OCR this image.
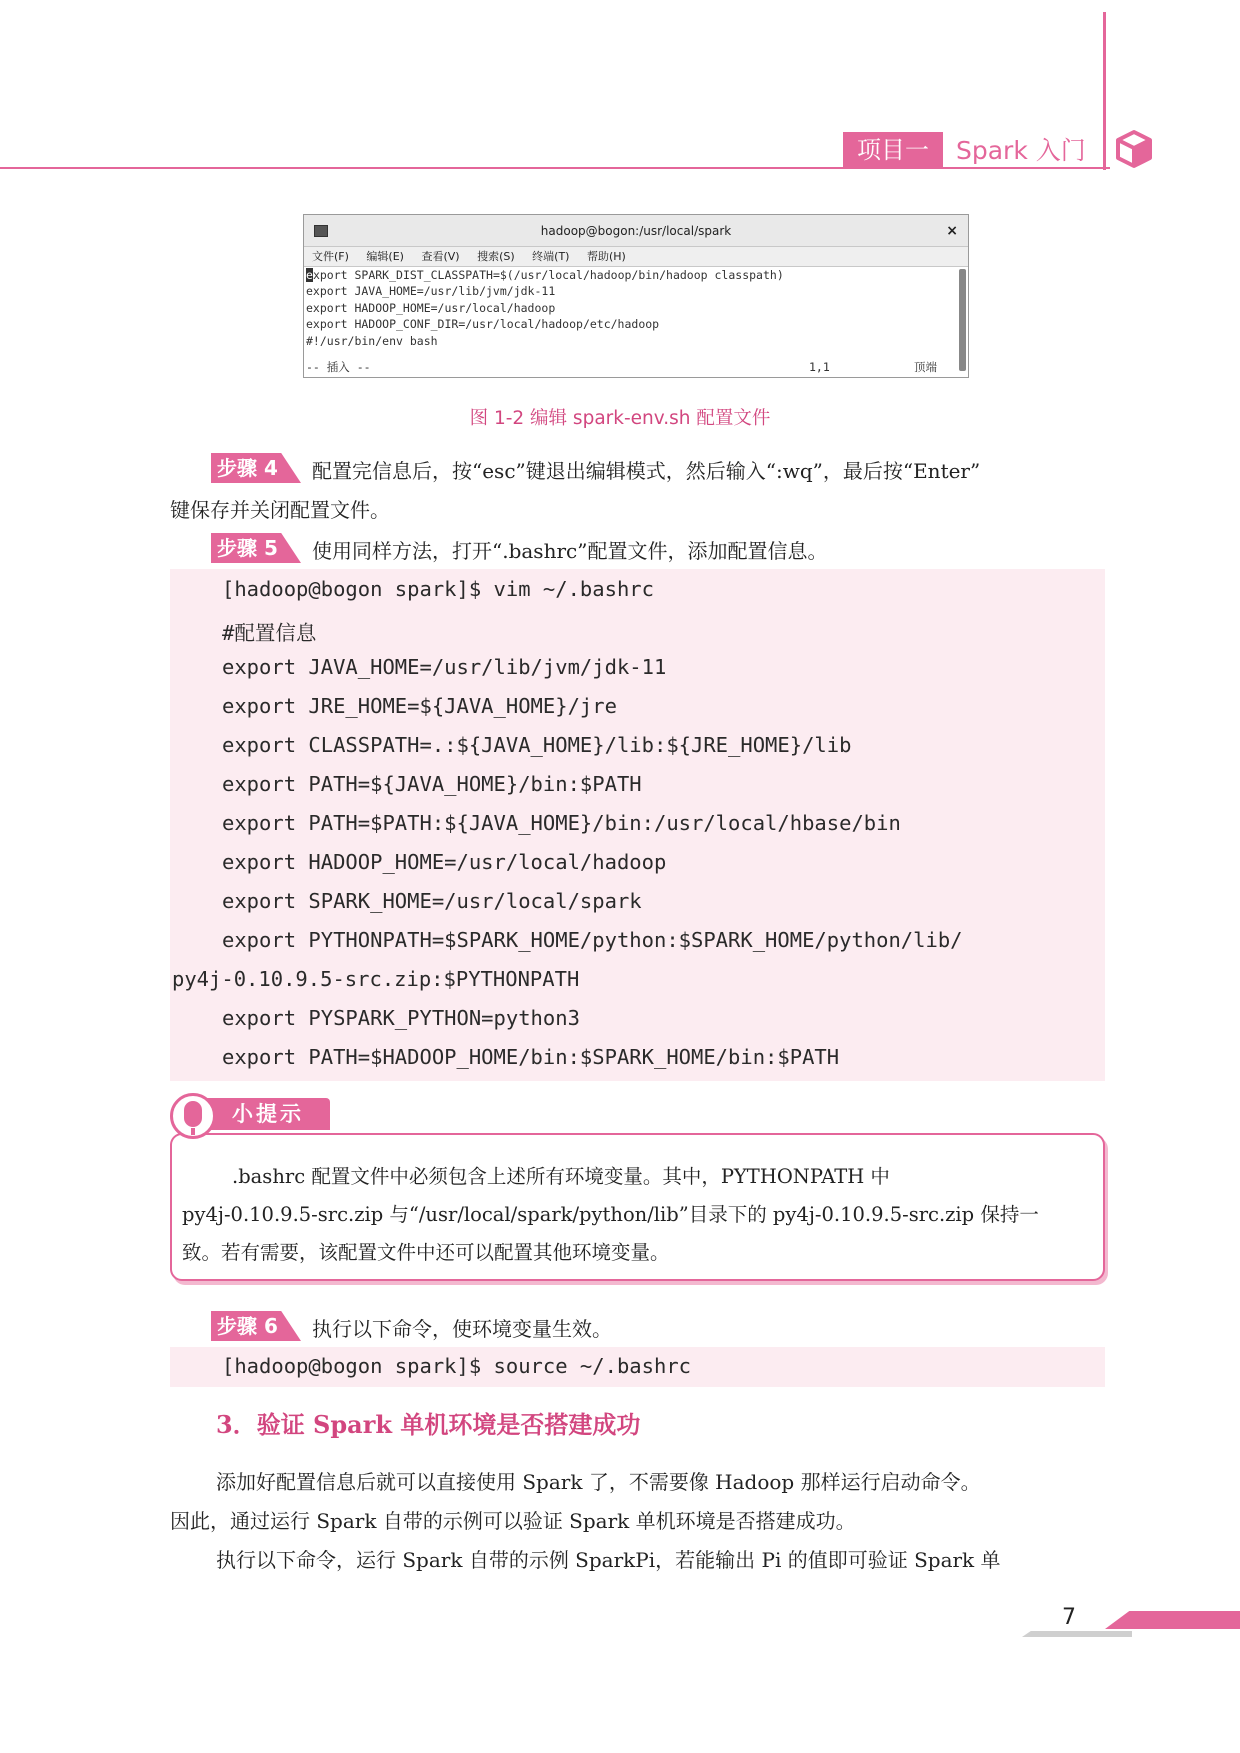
项目一	Spark 入门
hadoop@bogon:/usr/local/spark	×
文件(F) 编辑(E) 查看(V) 搜索(S) 终端(T) 帮助(H)
export SPARK_DIST_CLASSPATH=$(/usr/local/hadoop/bin/hadoop classpath)
export JAVA_HOME=/usr/lib/jvm/jdk-11
export HADOOP_HOME=/usr/local/hadoop
export HADOOP_CONF_DIR=/usr/local/hadoop/etc/hadoop
#!/usr/bin/env bash
-- 插入 --	1,1	顶端
图 1-2 编辑 spark-env.sh 配置文件
步骤 4 配置完信息后，按“esc”键退出编辑模式，然后输入“:wq”，最后按“Enter”
键保存并关闭配置文件。
步骤 5 使用同样方法，打开“.bashrc”配置文件，添加配置信息。
[hadoop@bogon spark]$ vim ~/.bashrc
#配置信息
export JAVA_HOME=/usr/lib/jvm/jdk-11
export JRE_HOME=${JAVA_HOME}/jre
export CLASSPATH=.:${JAVA_HOME}/lib:${JRE_HOME}/lib
export PATH=${JAVA_HOME}/bin:$PATH
export PATH=$PATH:${JAVA_HOME}/bin:/usr/local/hbase/bin
export HADOOP_HOME=/usr/local/hadoop
export SPARK_HOME=/usr/local/spark
export PYTHONPATH=$SPARK_HOME/python:$SPARK_HOME/python/lib/
py4j-0.10.9.5-src.zip:$PYTHONPATH
export PYSPARK_PYTHON=python3
export PATH=$HADOOP_HOME/bin:$SPARK_HOME/bin:$PATH
.bashrc 配置文件中必须包含上述所有环境变量。其中，PYTHONPATH 中
py4j-0.10.9.5-src.zip 与“/usr/local/spark/python/lib”目录下的 py4j-0.10.9.5-src.zip 保持一
致。若有需要，该配置文件中还可以配置其他环境变量。
小提示
步骤 6 执行以下命令，使环境变量生效。
[hadoop@bogon spark]$ source ~/.bashrc
3．验证 Spark 单机环境是否搭建成功
添加好配置信息后就可以直接使用 Spark 了，不需要像 Hadoop 那样运行启动命令。
因此，通过运行 Spark 自带的示例可以验证 Spark 单机环境是否搭建成功。
执行以下命令，运行 Spark 自带的示例 SparkPi，若能输出 Pi 的值即可验证 Spark 单
7
